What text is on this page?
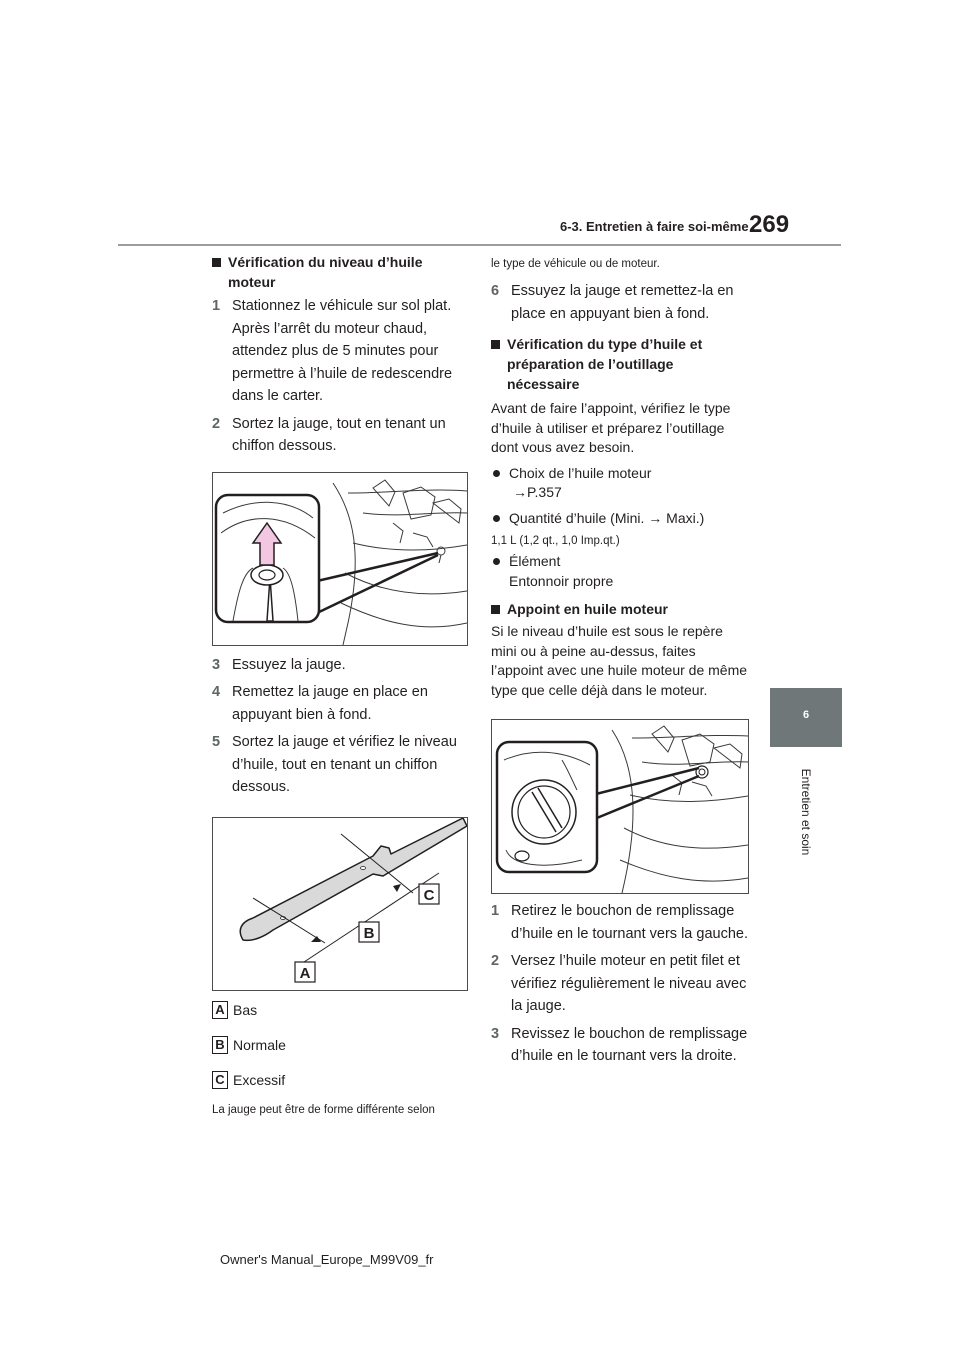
6-3. Entretien à faire soi-même 269
6
Entretien et soin
Vérification du niveau d’huile moteur
1 Stationnez le véhicule sur sol plat. Après l’arrêt du moteur chaud, attendez plus de 5 minutes pour permettre à l’huile de redescendre dans le carter.
2 Sortez la jauge, tout en tenant un chiffon dessous.
3 Essuyez la jauge.
4 Remettez la jauge en place en appuyant bien à fond.
5 Sortez la jauge et vérifiez le niveau d’huile, tout en tenant un chiffon dessous.
C
B
A
A Bas
B Normale
C Excessif
La jauge peut être de forme différente selon
le type de véhicule ou de moteur.
6 Essuyez la jauge et remettez-la en place en appuyant bien à fond.
Vérification du type d’huile et préparation de l’outillage nécessaire
Avant de faire l’appoint, vérifiez le type d’huile à utiliser et préparez l’outillage dont vous avez besoin.
Choix de l’huile moteur
→P.357
Quantité d’huile (Mini. → Maxi.)
1,1 L (1,2 qt., 1,0 Imp.qt.)
Élément
Entonnoir propre
Appoint en huile moteur
Si le niveau d’huile est sous le repère mini ou à peine au-dessus, faites l’appoint avec une huile moteur de même type que celle déjà dans le moteur.
1 Retirez le bouchon de remplissage d’huile en le tournant vers la gauche.
2 Versez l’huile moteur en petit filet et vérifiez régulièrement le niveau avec la jauge.
3 Revissez le bouchon de remplissage d’huile en le tournant vers la droite.
Owner's Manual_Europe_M99V09_fr
